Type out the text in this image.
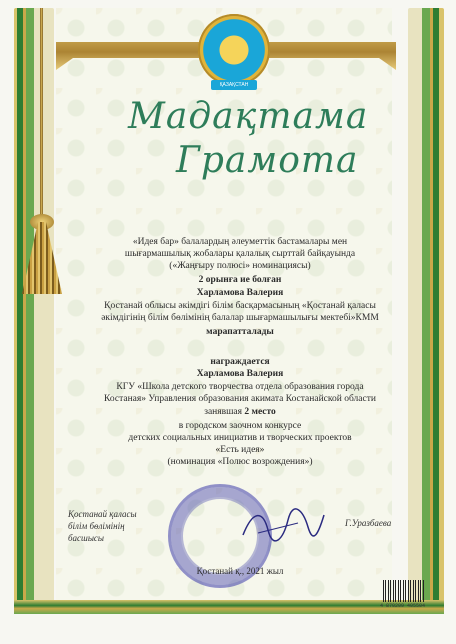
ҚАЗАҚСТАН
Мадақтама
Грамота
«Идея бар» балалардың әлеуметтік бастамалары мен
шығармашылық жобалары қалалық сырттай байқауында
(«Жаңғыру полюсі» номинациясы)
2 орынға ие болған
Харламова Валерия
Қостанай облысы әкімдігі білім басқармасының «Қостанай қаласы
әкімдігінің білім бөлімінің балалар шығармашылығы мектебі»КММ
марапатталады
награждается
Харламова Валерия
КГУ «Школа детского творчества отдела образования города
Костаная» Управления образования акимата Костанайской области
занявшая 2 место
в городском заочном конкурсе
детских социальных инициатив и творческих проектов
«Есть идея»
(номинация «Полюс возрождения»)
Қостанай қаласы
білім бөлімінің
басшысы
Г.Уразбаева
Қостанай қ., 2021 жыл
4 870209 405504
